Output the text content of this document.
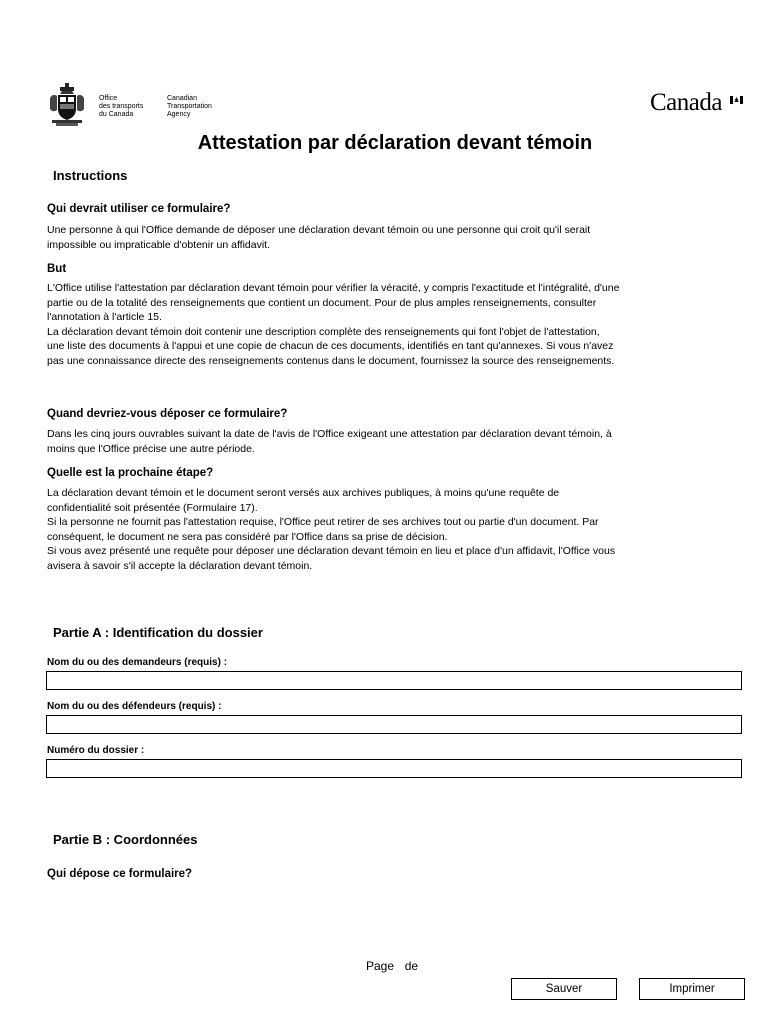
Office
des transports
du Canada
Canadian
Transportation
Agency	Canada
Attestation par déclaration devant témoin
Instructions
Qui devrait utiliser ce formulaire?
Une personne à qui l'Office demande de déposer une déclaration devant témoin ou une personne qui croit qu'il serait
impossible ou impraticable d'obtenir un affidavit.
But
L'Office utilise l'attestation par déclaration devant témoin pour vérifier la véracité, y compris l'exactitude et l'intégralité, d'une
partie ou de la totalité des renseignements que contient un document. Pour de plus amples renseignements, consulter
l'annotation à l'article 15.
La déclaration devant témoin doit contenir une description complète des renseignements qui font l'objet de l'attestation,
une liste des documents à l'appui et une copie de chacun de ces documents, identifiés en tant qu'annexes. Si vous n'avez
pas une connaissance directe des renseignements contenus dans le document, fournissez la source des renseignements.
Quand devriez-vous déposer ce formulaire?
Dans les cinq jours ouvrables suivant la date de l'avis de l'Office exigeant une attestation par déclaration devant témoin, à
moins que l'Office précise une autre période.
Quelle est la prochaine étape?
La déclaration devant témoin et le document seront versés aux archives publiques, à moins qu'une requête de
confidentialité soit présentée (Formulaire 17).
Si la personne ne fournit pas l'attestation requise, l'Office peut retirer de ses archives tout ou partie d'un document. Par
conséquent, le document ne sera pas considéré par l'Office dans sa prise de décision.
Si vous avez présenté une requête pour déposer une déclaration devant témoin en lieu et place d'un affidavit, l'Office vous
avisera à savoir s'il accepte la déclaration devant témoin.
Partie A : Identification du dossier
Nom du ou des demandeurs (requis) :
Nom du ou des défendeurs (requis) :
Numéro du dossier :
Partie B : Coordonnées
Qui dépose ce formulaire?
Page de
Sauver	Imprimer
